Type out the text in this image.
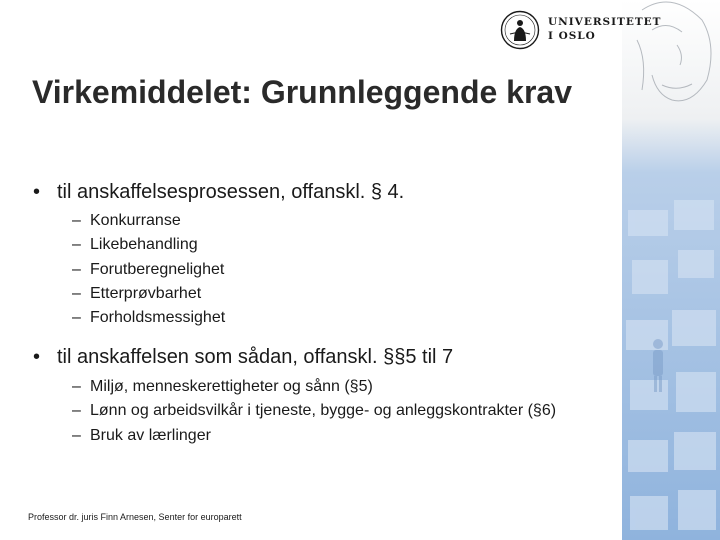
UNIVERSITETET
I OSLO
Virkemiddelet: Grunnleggende krav
• til anskaffelsesprosessen, offanskl. § 4.
– Konkurranse
– Likebehandling
– Forutberegnelighet
– Etterprøvbarhet
– Forholdsmessighet
• til anskaffelsen som sådan, offanskl. §§5 til 7
– Miljø, menneskerettigheter og sånn (§5)
– Lønn og arbeidsvilkår i tjeneste, bygge- og anleggskontrakter (§6)
– Bruk av lærlinger
Professor dr. juris Finn Arnesen, Senter for europarett
